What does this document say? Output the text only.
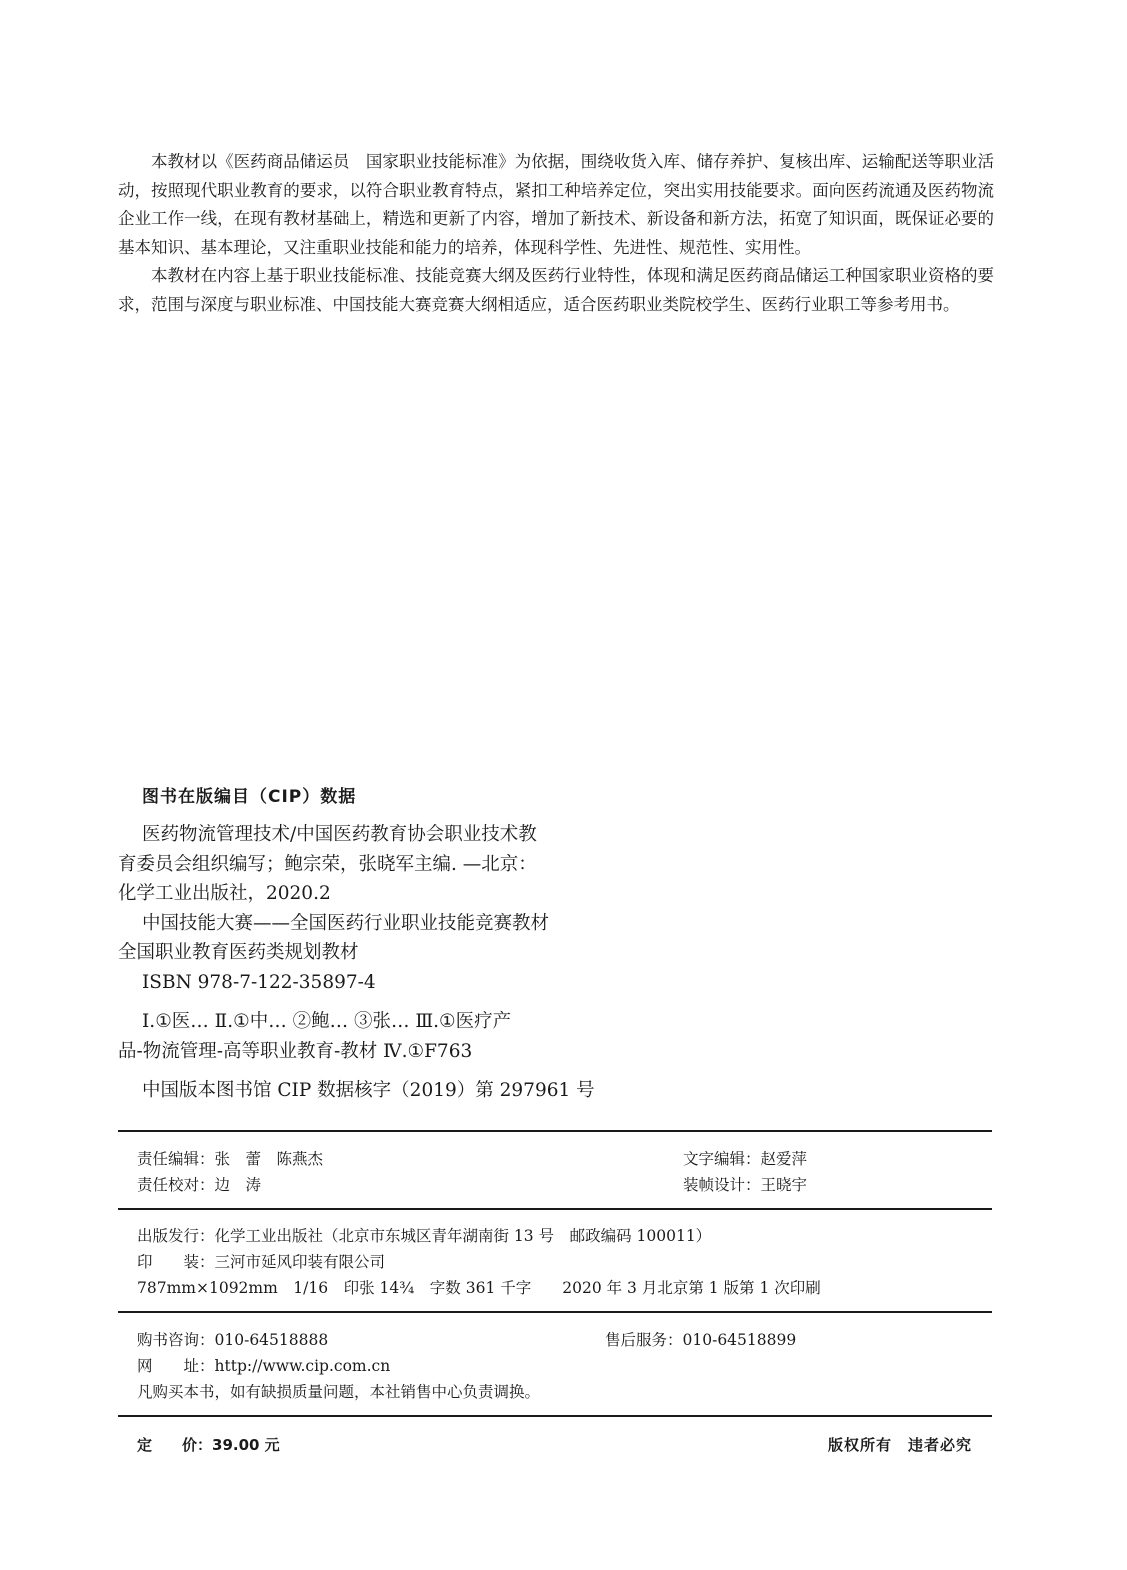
本教材以《医药商品储运员　国家职业技能标准》为依据，围绕收货入库、储存养护、复核出库、运输配送等职业活动，按照现代职业教育的要求，以符合职业教育特点，紧扣工种培养定位，突出实用技能要求。面向医药流通及医药物流企业工作一线，在现有教材基础上，精选和更新了内容，增加了新技术、新设备和新方法，拓宽了知识面，既保证必要的基本知识、基本理论，又注重职业技能和能力的培养，体现科学性、先进性、规范性、实用性。

本教材在内容上基于职业技能标准、技能竞赛大纲及医药行业特性，体现和满足医药商品储运工种国家职业资格的要求，范围与深度与职业标准、中国技能大赛竞赛大纲相适应，适合医药职业类院校学生、医药行业职工等参考用书。

图书在版编目（CIP）数据
医药物流管理技术/中国医药教育协会职业技术教
育委员会组织编写；鲍宗荣，张晓军主编. —北京：
化学工业出版社，2020.2
中国技能大赛——全国医药行业职业技能竞赛教材
全国职业教育医药类规划教材
ISBN 978-7-122-35897-4
Ⅰ.①医… Ⅱ.①中… ②鲍… ③张… Ⅲ.①医疗产
品-物流管理-高等职业教育-教材 Ⅳ.①F763
中国版本图书馆 CIP 数据核字（2019）第 297961 号
责任编辑：张　蕾　陈燕杰	文字编辑：赵爱萍
责任校对：边　涛	装帧设计：王晓宇
出版发行：化学工业出版社（北京市东城区青年湖南街 13 号　邮政编码 100011）
印　　装：三河市延风印装有限公司
787mm×1092mm　1/16　印张 14¾　字数 361 千字　　2020 年 3 月北京第 1 版第 1 次印刷
购书咨询：010-64518888	售后服务：010-64518899
网　　址：http://www.cip.com.cn
凡购买本书，如有缺损质量问题，本社销售中心负责调换。
定　　价：39.00 元	版权所有　违者必究
